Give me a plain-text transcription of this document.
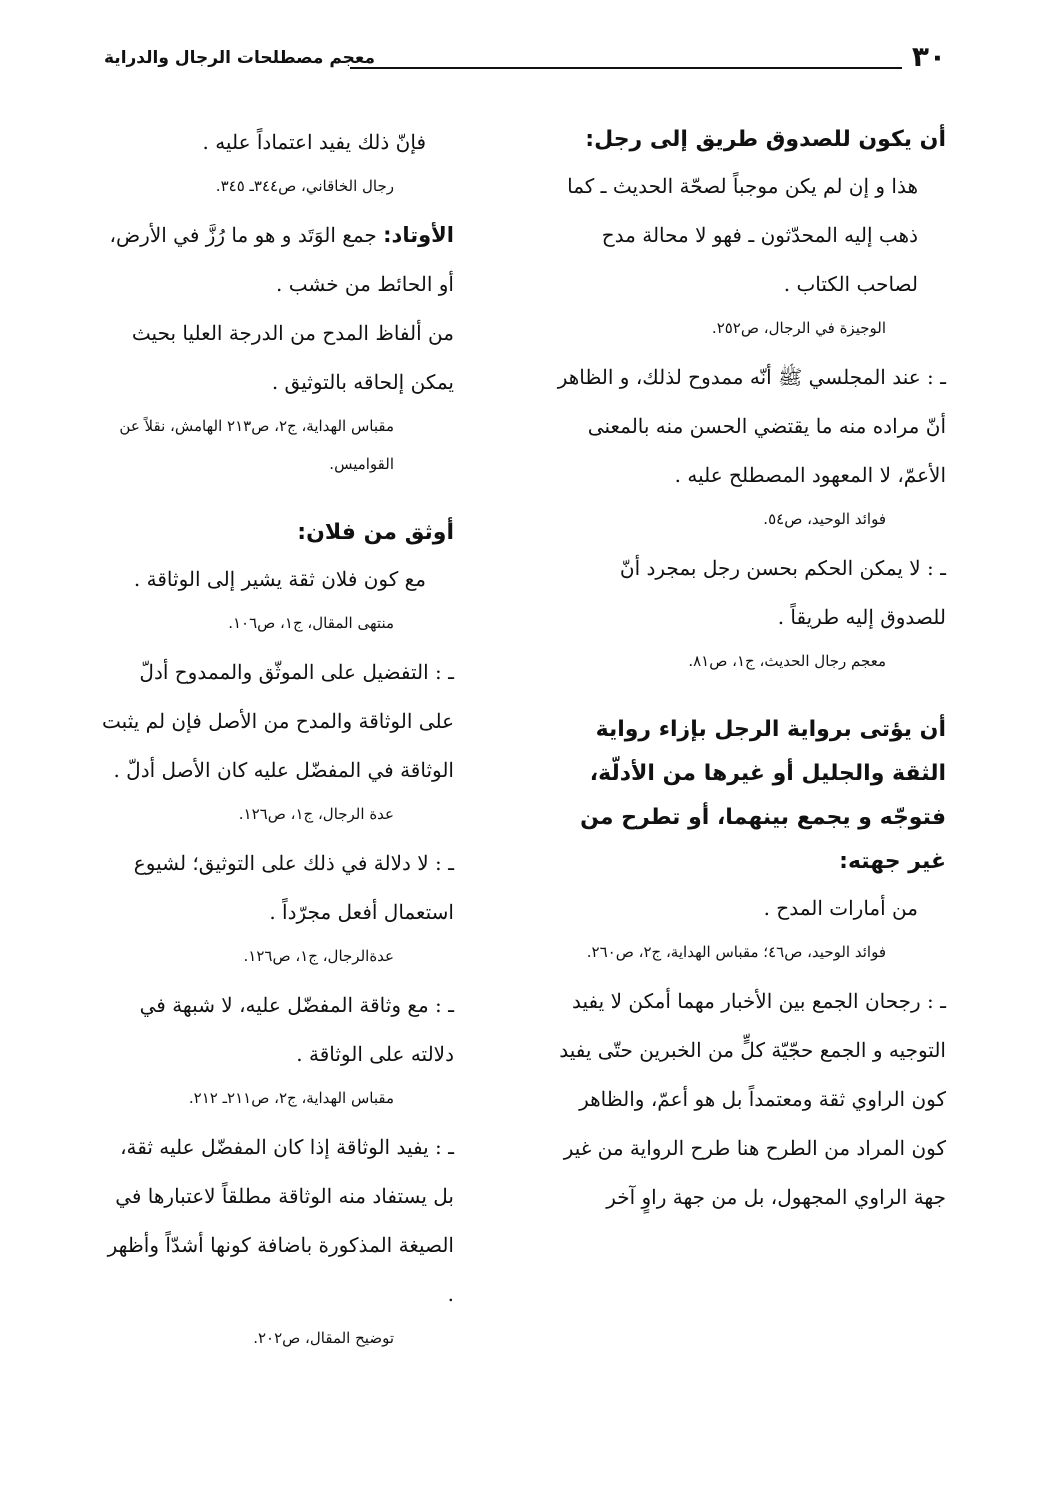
٣٠
معجم مصطلحات الرجال والدراية
أن يكون للصدوق طريق إلى رجل:

هذا و إن لم يكن موجباً لصحّة الحديث ـ كما ذهب إليه المحدّثون ـ فهو لا محالة مدح لصاحب الكتاب .

الوجيزة في الرجال، ص٢٥٢.

ـ : عند المجلسي ﷺ أنّه ممدوح لذلك، و الظاهر أنّ مراده منه ما يقتضي الحسن منه بالمعنى الأعمّ، لا المعهود المصطلح عليه .

فوائد الوحيد، ص٥٤.

ـ : لا يمكن الحكم بحسن رجل بمجرد أنّ للصدوق إليه طريقاً .

معجم رجال الحديث، ج١، ص٨١.

أن يؤتى برواية الرجل بإزاء رواية الثقة والجليل أو غيرها من الأدلّة، فتوجّه و يجمع بينهما، أو تطرح من غير جهته:

من أمارات المدح .

فوائد الوحيد، ص٤٦؛ مقباس الهداية، ج٢، ص٢٦٠.

ـ : رجحان الجمع بين الأخبار مهما أمكن لا يفيد التوجيه و الجمع حجّيّة كلٍّ من الخبرين حتّى يفيد كون الراوي ثقة ومعتمداً بل هو أعمّ، والظاهر كون المراد من الطرح هنا طرح الرواية من غير جهة الراوي المجهول، بل من جهة راوٍ آخر

فإنّ ذلك يفيد اعتماداً عليه .

رجال الخاقاني، ص٣٤٤ـ ٣٤٥.

الأوتاد: جمع الوَتَد و هو ما رُزَّ في الأرض، أو الحائط من خشب .

من ألفاظ المدح من الدرجة العليا بحيث يمكن إلحاقه بالتوثيق .

مقباس الهداية، ج٢، ص٢١٣ الهامش، نقلاً عن القواميس.

أوثق من فلان:

مع كون فلان ثقة يشير إلى الوثاقة .

منتهى المقال، ج١، ص١٠٦.

ـ : التفضيل على الموثّق والممدوح أدلّ على الوثاقة والمدح من الأصل فإن لم يثبت الوثاقة في المفضّل عليه كان الأصل أدلّ .

عدة الرجال، ج١، ص١٢٦.

ـ : لا دلالة في ذلك على التوثيق؛ لشيوع استعمال أفعل مجرّداً .

عدةالرجال، ج١، ص١٢٦.

ـ : مع وثاقة المفضّل عليه، لا شبهة في دلالته على الوثاقة .

مقباس الهداية، ج٢، ص٢١١ـ ٢١٢.

ـ : يفيد الوثاقة إذا كان المفضّل عليه ثقة، بل يستفاد منه الوثاقة مطلقاً لاعتبارها في الصيغة المذكورة باضافة كونها أشدّاً وأظهر .

توضيح المقال، ص٢٠٢.
